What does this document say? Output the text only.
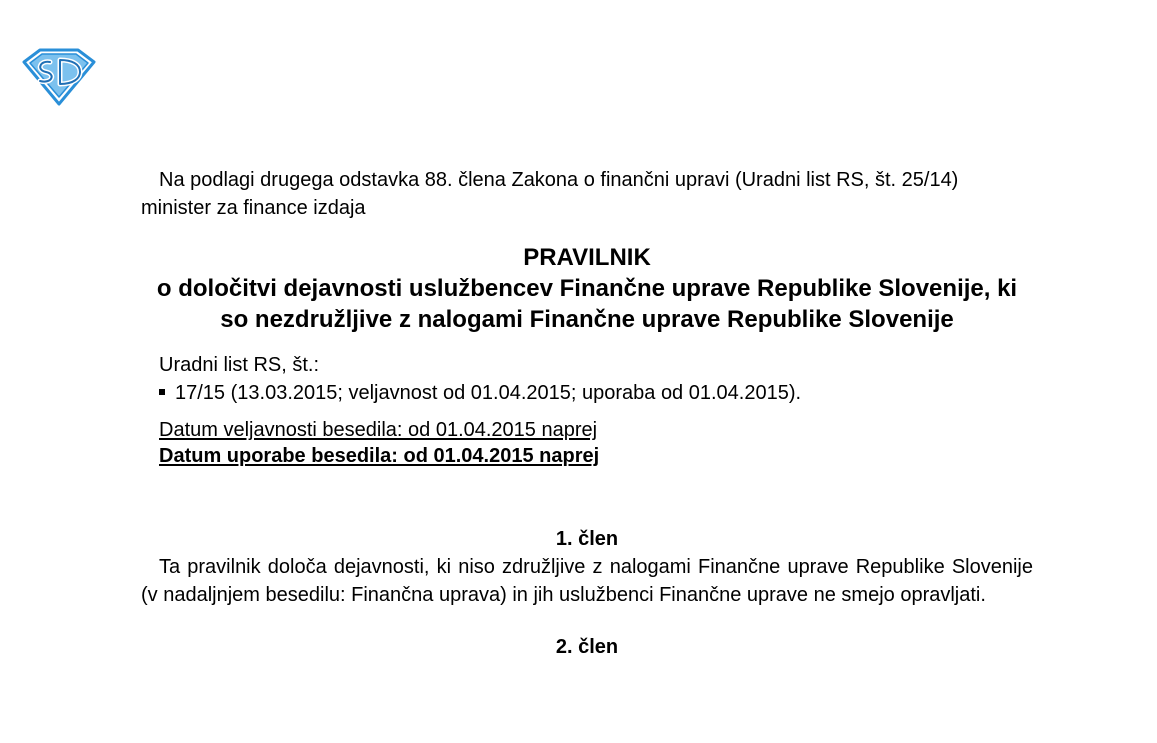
Na podlagi drugega odstavka 88. člena Zakona o finančni upravi (Uradni list RS, št. 25/14) minister za finance izdaja

PRAVILNIK
o določitvi dejavnosti uslužbencev Finančne uprave Republike Slovenije, ki so nezdružljive z nalogami Finančne uprave Republike Slovenije
Uradni list RS, št.:
17/15 (13.03.2015; veljavnost od 01.04.2015; uporaba od 01.04.2015).
Datum veljavnosti besedila: od 01.04.2015 naprej
Datum uporabe besedila: od 01.04.2015 naprej
1. člen

Ta pravilnik določa dejavnosti, ki niso združljive z nalogami Finančne uprave Republike Slovenije (v nadaljnjem besedilu: Finančna uprava) in jih uslužbenci Finančne uprave ne smejo opravljati.

2. člen
